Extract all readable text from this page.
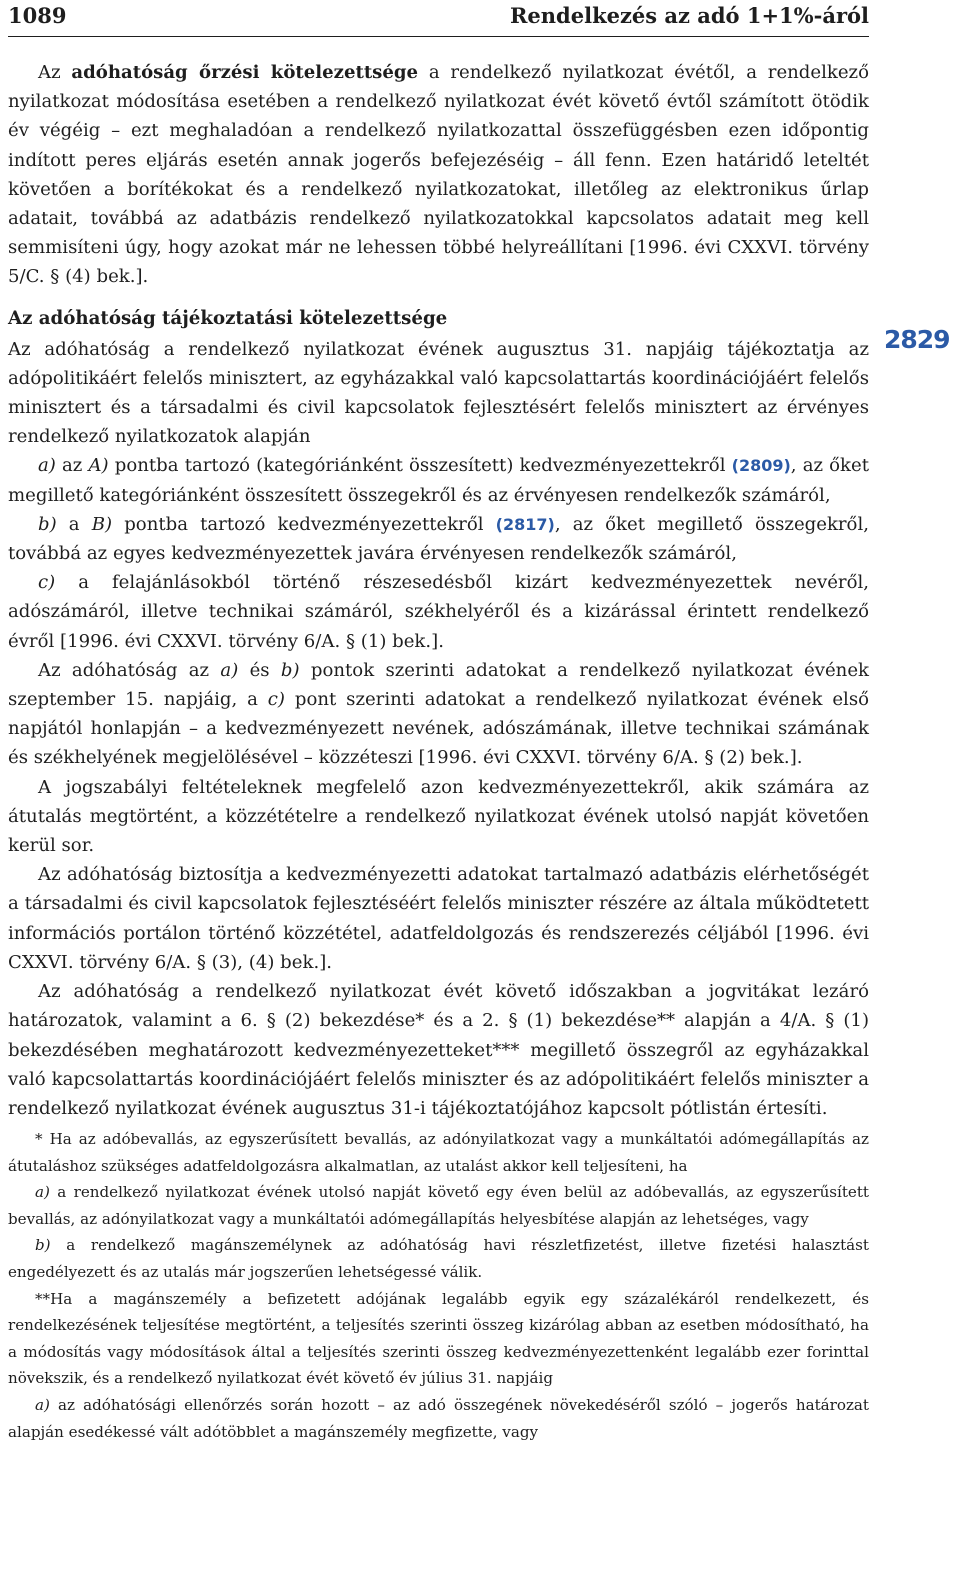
1089	Rendelkezés az adó 1+1%-áról
2829

Az adóhatóság őrzési kötelezettsége a rendelkező nyilatkozat évétől, a rendelkező nyilatkozat módosítása esetében a rendelkező nyilatkozat évét követő évtől számított ötödik év végéig – ezt meghaladóan a rendelkező nyilatkozattal összefüggésben ezen időpontig indított peres eljárás esetén annak jogerős befejezéséig – áll fenn. Ezen határidő leteltét követően a borítékokat és a rendelkező nyilatkozatokat, illetőleg az elektronikus űrlap adatait, továbbá az adatbázis rendelkező nyilatkozatokkal kapcsolatos adatait meg kell semmisíteni úgy, hogy azokat már ne lehessen többé helyreállítani [1996. évi CXXVI. törvény 5/C. § (4) bek.].

Az adóhatóság tájékoztatási kötelezettsége

Az adóhatóság a rendelkező nyilatkozat évének augusztus 31. napjáig tájékoztatja az adópolitikáért felelős minisztert, az egyházakkal való kapcsolattartás koordinációjáért felelős minisztert és a társadalmi és civil kapcsolatok fejlesztésért felelős minisztert az érvényes rendelkező nyilatkozatok alapján

a) az A) pontba tartozó (kategóriánként összesített) kedvezményezettekről (2809), az őket megillető kategóriánként összesített összegekről és az érvényesen rendelkezők számáról,

b) a B) pontba tartozó kedvezményezettekről (2817), az őket megillető összegekről, továbbá az egyes kedvezményezettek javára érvényesen rendelkezők számáról,

c) a felajánlásokból történő részesedésből kizárt kedvezményezettek nevéről, adószámáról, illetve technikai számáról, székhelyéről és a kizárással érintett rendelkező évről [1996. évi CXXVI. törvény 6/A. § (1) bek.].

Az adóhatóság az a) és b) pontok szerinti adatokat a rendelkező nyilatkozat évének szeptember 15. napjáig, a c) pont szerinti adatokat a rendelkező nyilatkozat évének első napjától honlapján – a kedvezményezett nevének, adószámának, illetve technikai számának és székhelyének megjelölésével – közzéteszi [1996. évi CXXVI. törvény 6/A. § (2) bek.].

A jogszabályi feltételeknek megfelelő azon kedvezményezettekről, akik számára az átutalás megtörtént, a közzétételre a rendelkező nyilatkozat évének utolsó napját követően kerül sor.

Az adóhatóság biztosítja a kedvezményezetti adatokat tartalmazó adatbázis elérhetőségét a társadalmi és civil kapcsolatok fejlesztéséért felelős miniszter részére az általa működtetett információs portálon történő közzététel, adatfeldolgozás és rendszerezés céljából [1996. évi CXXVI. törvény 6/A. § (3), (4) bek.].

Az adóhatóság a rendelkező nyilatkozat évét követő időszakban a jogvitákat lezáró határozatok, valamint a 6. § (2) bekezdése* és a 2. § (1) bekezdése** alapján a 4/A. § (1) bekezdésében meghatározott kedvezményezetteket*** megillető összegről az egyházakkal való kapcsolattartás koordinációjáért felelős miniszter és az adópolitikáért felelős miniszter a rendelkező nyilatkozat évének augusztus 31-i tájékoztatójához kapcsolt pótlistán értesíti.

* Ha az adóbevallás, az egyszerűsített bevallás, az adónyilatkozat vagy a munkáltatói adómegállapítás az átutaláshoz szükséges adatfeldolgozásra alkalmatlan, az utalást akkor kell teljesíteni, ha

a) a rendelkező nyilatkozat évének utolsó napját követő egy éven belül az adóbevallás, az egyszerűsített bevallás, az adónyilatkozat vagy a munkáltatói adómegállapítás helyesbítése alapján az lehetséges, vagy

b) a rendelkező magánszemélynek az adóhatóság havi részletfizetést, illetve fizetési halasztást engedélyezett és az utalás már jogszerűen lehetségessé válik.

**Ha a magánszemély a befizetett adójának legalább egyik egy százalékáról rendelkezett, és rendelkezésének teljesítése megtörtént, a teljesítés szerinti összeg kizárólag abban az esetben módosítható, ha a módosítás vagy módosítások által a teljesítés szerinti összeg kedvezményezettenként legalább ezer forinttal növekszik, és a rendelkező nyilatkozat évét követő év július 31. napjáig

a) az adóhatósági ellenőrzés során hozott – az adó összegének növekedéséről szóló – jogerős határozat alapján esedékessé vált adótöbblet a magánszemély megfizette, vagy
